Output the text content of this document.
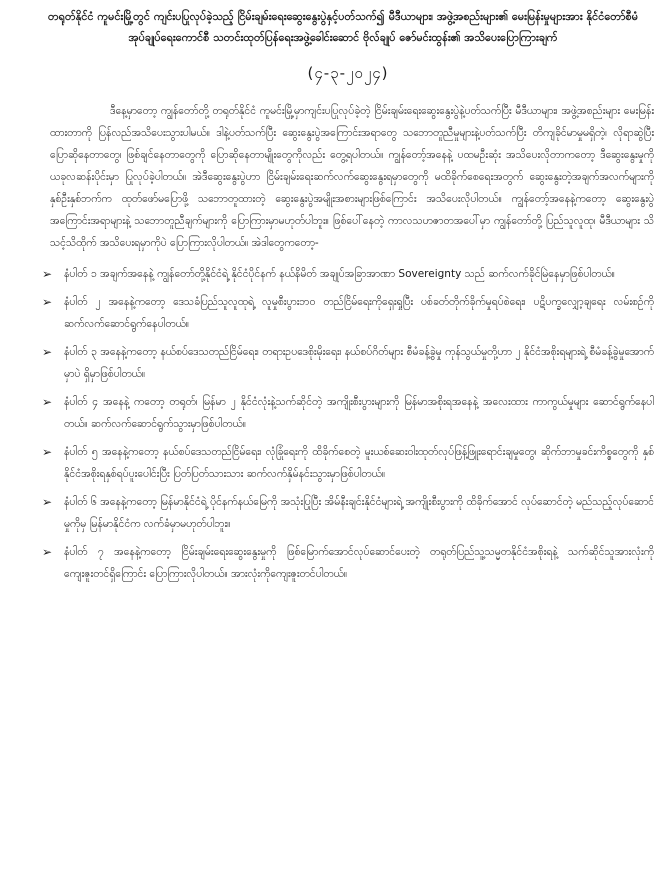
တရုတ်နိုင်ငံ ကူမင်းမြို့တွင် ကျင်းပပြုလုပ်ခဲ့သည့် ငြိမ်းချမ်းရေးဆွေးနွေးပွဲနှင့်ပတ်သက်၍ မီဒီယာများ၊ အဖွဲ့အစည်းများ၏ မေးမြန်းမှုများအား နိုင်ငံတော်စီမံအုပ်ချုပ်ရေးကောင်စီ သတင်းထုတ်ပြန်ရေးအဖွဲ့ခေါင်းဆောင် ဗိုလ်ချုပ် ဇော်မင်းထွန်း၏ အသိပေးပြောကြားချက်
(၄-၃-၂၀၂၄)

ဒီနေ့မှာတော့ ကျွန်တော်တို့ တရုတ်နိုင်ငံ ကူမင်းမြို့မှာကျင်းပပြုလုပ်ခဲ့တဲ့ ငြိမ်းချမ်းရေးဆွေးနွေးပွဲနဲ့ပတ်သက်ပြီး မီဒီယာများ၊ အဖွဲ့အစည်းများ မေးမြန်းထားတာကို ပြန်လည်အသိပေးသွားပါမယ်။ ဒါနဲ့ပတ်သက်ပြီး ဆွေးနွေးပွဲအကြောင်းအရာတွေ သဘောတူညီမှုများနဲ့ပတ်သက်ပြီး တိကျခိုင်မာမှုမရှိတဲ့၊ လိုရာဆွဲပြီး ပြောဆိုနေတာတွေ၊ ဖြစ်ချင်နေတာတွေကို ပြောဆိုနေတာမျိုးတွေကိုလည်း တွေ့ရပါတယ်။ ကျွန်တော့်အနေနဲ့ ပထမဦးဆုံး အသိပေးလိုတာကတော့ ဒီဆွေးနွေးမှုကို ယခုလဆန်းပိုင်းမှာ ပြုလုပ်ခဲ့ပါတယ်။ အဲဒီဆွေးနွေးပွဲဟာ ငြိမ်းချမ်းရေးဆက်လက်ဆွေးနွေးရမှာတွေကို မထိခိုက်စေရေးအတွက် ဆွေးနွေးတဲ့အချက်အလက်များကို နှစ်ဦးနှစ်ဘက်က ထုတ်ဖော်မပြောဖို့ သဘောတူထားတဲ့ ဆွေးနွေးပွဲအမျိုးအစားများဖြစ်ကြောင်း အသိပေးလိုပါတယ်။ ကျွန်တော့်အနေနဲ့ကတော့ ဆွေးနွေးပွဲအကြောင်းအရာများနဲ့ သဘောတူညီချက်များကို ပြောကြားမှာမဟုတ်ပါဘူး။ ဖြစ်ပေါ်နေတဲ့ ကာလသဟဇာတအပေါ်မှာ ကျွန်တော်တို့ ပြည်သူလူထု၊ မီဒီယာများ သိသင့်သိထိုက် အသိပေးရမှာကိုပဲ ပြောကြားလိုပါတယ်။ အဲဒါတွေကတော့-

➢ နံပါတ် ၁ အချက်အနေနဲ့ ကျွန်တော်တို့နိုင်ငံရဲ့ နိုင်ငံပိုင်နက် နယ်နိမိတ် အချုပ်အခြာအာဏာ Sovereignty သည် ဆက်လက်ခိုင်မြဲနေမှာဖြစ်ပါတယ်။
➢ နံပါတ် ၂ အနေနဲ့ကတော့ ဒေသခံပြည်သူလူထုရဲ့ လူမှုစီးပွားဘဝ တည်ငြိမ်ရေးကိုရှေးရှုပြီး ပစ်ခတ်တိုက်ခိုက်မှုရပ်စဲရေး၊ ပဋိပက္ခလျှော့ချရေး လမ်းစဉ်ကို ဆက်လက်ဆောင်ရွက်နေပါတယ်။
➢ နံပါတ် ၃ အနေနဲ့ကတော့ နယ်စပ်ဒေသတည်ငြိမ်ရေး၊ တရားဥပဒေစိုးမိုးရေး၊ နယ်စပ်ဂိတ်များ စီမံခန့်ခွဲမှု ကုန်သွယ်မှုတို့ဟာ ၂ နိုင်ငံအစိုးရများရဲ့ စီမံခန့်ခွဲမှုအောက်မှာပဲ ရှိမှာဖြစ်ပါတယ်။
➢ နံပါတ် ၄ အနေနဲ့ ကတော့ တရုတ်၊ မြန်မာ ၂ နိုင်ငံလုံးနဲ့သက်ဆိုင်တဲ့ အကျိုးစီးပွားများကို မြန်မာအစိုးရအနေနဲ့ အလေးထား ကာကွယ်မှုများ ဆောင်ရွက်နေပါတယ်။ ဆက်လက်ဆောင်ရွက်သွားမှာဖြစ်ပါတယ်။
➢ နံပါတ် ၅ အနေနဲ့ကတော့ နယ်စပ်ဒေသတည်ငြိမ်ရေး၊ လုံခြုံရေးကို ထိခိုက်စေတဲ့ မူးယစ်ဆေးဝါးထုတ်လုပ်ဖြန့်ဖြူးရောင်းချမှုတွေ၊ ဆိုက်ဘာမှုခင်းကိစ္စတွေကို နှစ်နိုင်ငံအစိုးရနှစ်ရပ်ပူးပေါင်းပြီး ပြတ်ပြတ်သားသား ဆက်လက်နှိမ်နင်းသွားမှာဖြစ်ပါတယ်။
➢ နံပါတ် ၆ အနေနဲ့ကတော့ မြန်မာနိုင်ငံရဲ့ ပိုင်နက်နယ်မြေကို အသုံးပြုပြီး အိမ်နီးချင်းနိုင်ငံများရဲ့ အကျိုးစီးပွားကို ထိခိုက်အောင် လုပ်ဆောင်တဲ့ မည်သည့်လုပ်ဆောင်မှုကိုမှ မြန်မာနိုင်ငံက လက်ခံမှာမဟုတ်ပါဘူး။
➢ နံပါတ် ၇ အနေနဲ့ကတော့ ငြိမ်းချမ်းရေးဆွေးနွေးမှုကို ဖြစ်မြောက်အောင်လုပ်ဆောင်ပေးတဲ့ တရုတ်ပြည်သူ့သမ္မတနိုင်ငံအစိုးရနဲ့ သက်ဆိုင်သူအားလုံးကို ကျေးဇူးတင်ရှိကြောင်း ပြောကြားလိုပါတယ်။ အားလုံးကိုကျေးဇူးတင်ပါတယ်။
